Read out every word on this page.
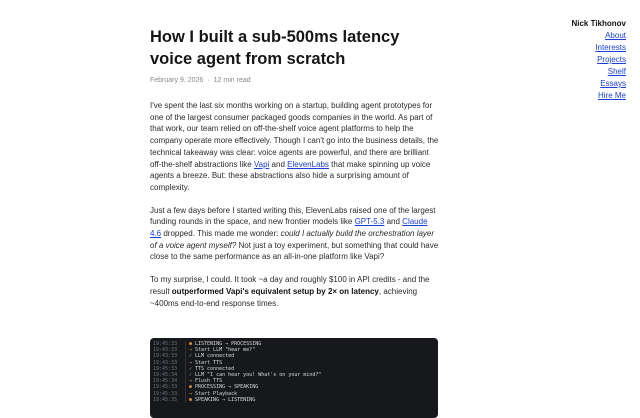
Nick Tikhonov
About
Interests
Projects
Shelf
Essays
Hire Me
How I built a sub-500ms latency voice agent from scratch
February 9, 2026 · 12 min read

I've spent the last six months working on a startup, building agent prototypes for one of the largest consumer packaged goods companies in the world. As part of that work, our team relied on off-the-shelf voice agent platforms to help the company operate more effectively. Though I can't go into the business details, the technical takeaway was clear: voice agents are powerful, and there are brilliant off-the-shelf abstractions like Vapi and ElevenLabs that make spinning up voice agents a breeze. But: these abstractions also hide a surprising amount of complexity.

Just a few days before I started writing this, ElevenLabs raised one of the largest funding rounds in the space, and new frontier models like GPT-5.3 and Claude 4.6 dropped. This made me wonder: could I actually build the orchestration layer of a voice agent myself? Not just a toy experiment, but something that could have close to the same performance as an all-in-one platform like Vapi?

To my surprise, I could. It took ~a day and roughly $100 in API credits - and the result outperformed Vapi's equivalent setup by 2× on latency, achieving ~400ms end-to-end response times.

19:45:33	● LISTENING → PROCESSING
19:43:33	→ Start LLM "hear me?"
19:43:33	✓ LLM connected
19:43:33	→ Start TTS
19:45:33	✓ TTS connected
19:45:34	✓ LLM "I can hear you! What's on your mind?"
19:45:34	→ Flush TTS
19:45:33	● PROCESSING → SPEAKING
19:45:33	→ Start Playback
19:45:35	● SPEAKING → LISTENING
